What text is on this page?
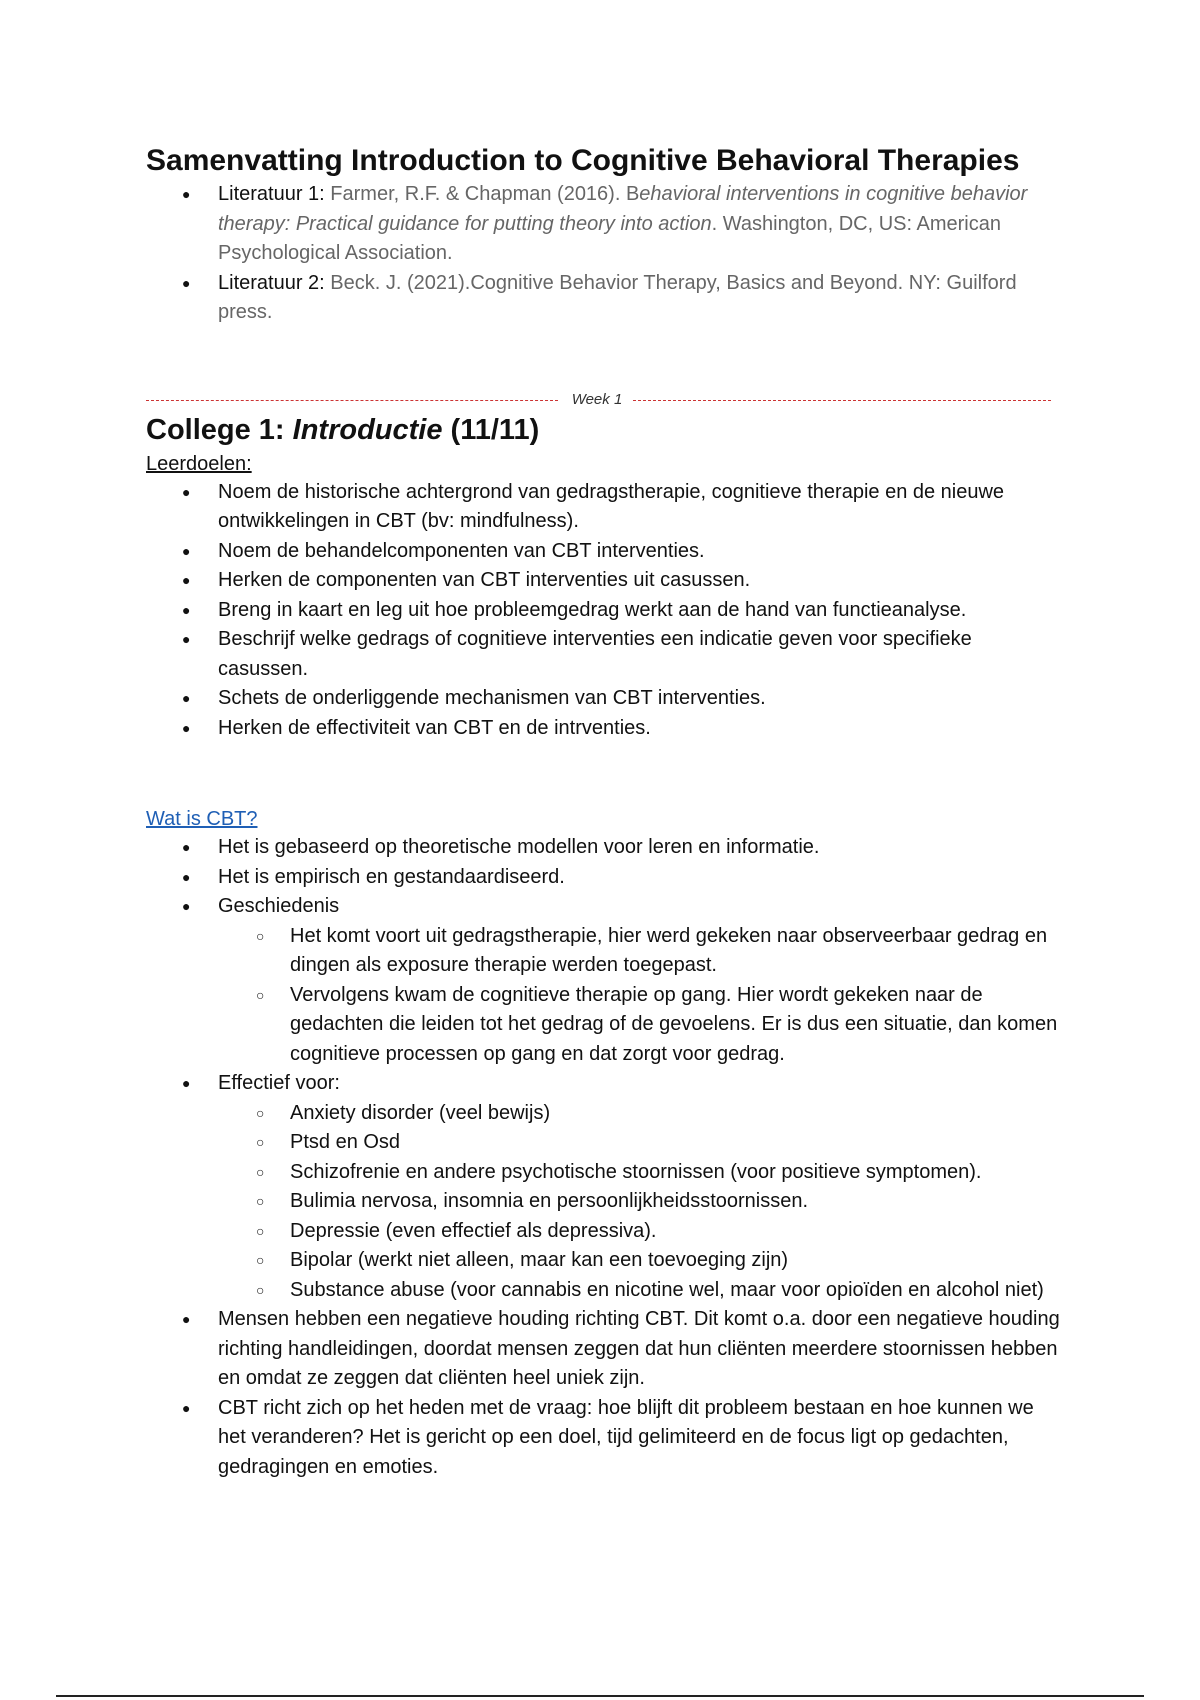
Samenvatting Introduction to Cognitive Behavioral Therapies
● Literatuur 1: Farmer, R.F. & Chapman (2016). Behavioral interventions in cognitive behavior therapy: Practical guidance for putting theory into action. Washington, DC, US: American Psychological Association.
● Literatuur 2: Beck. J. (2021).Cognitive Behavior Therapy, Basics and Beyond. NY: Guilford press.
Week 1
College 1: Introductie (11/11)
Leerdoelen:
● Noem de historische achtergrond van gedragstherapie, cognitieve therapie en de nieuwe ontwikkelingen in CBT (bv: mindfulness).
● Noem de behandelcomponenten van CBT interventies.
● Herken de componenten van CBT interventies uit casussen.
● Breng in kaart en leg uit hoe probleemgedrag werkt aan de hand van functieanalyse.
● Beschrijf welke gedrags of cognitieve interventies een indicatie geven voor specifieke casussen.
● Schets de onderliggende mechanismen van CBT interventies.
● Herken de effectiviteit van CBT en de intrventies.
Wat is CBT?
● Het is gebaseerd op theoretische modellen voor leren en informatie.
● Het is empirisch en gestandaardiseerd.
● Geschiedenis
○ Het komt voort uit gedragstherapie, hier werd gekeken naar observeerbaar gedrag en dingen als exposure therapie werden toegepast.
○ Vervolgens kwam de cognitieve therapie op gang. Hier wordt gekeken naar de gedachten die leiden tot het gedrag of de gevoelens. Er is dus een situatie, dan komen cognitieve processen op gang en dat zorgt voor gedrag.
● Effectief voor:
○ Anxiety disorder (veel bewijs)
○ Ptsd en Osd
○ Schizofrenie en andere psychotische stoornissen (voor positieve symptomen).
○ Bulimia nervosa, insomnia en persoonlijkheidsstoornissen.
○ Depressie (even effectief als depressiva).
○ Bipolar (werkt niet alleen, maar kan een toevoeging zijn)
○ Substance abuse (voor cannabis en nicotine wel, maar voor opioïden en alcohol niet)
● Mensen hebben een negatieve houding richting CBT. Dit komt o.a. door een negatieve houding richting handleidingen, doordat mensen zeggen dat hun cliënten meerdere stoornissen hebben en omdat ze zeggen dat cliënten heel uniek zijn.
● CBT richt zich op het heden met de vraag: hoe blijft dit probleem bestaan en hoe kunnen we het veranderen? Het is gericht op een doel, tijd gelimiteerd en de focus ligt op gedachten, gedragingen en emoties.
